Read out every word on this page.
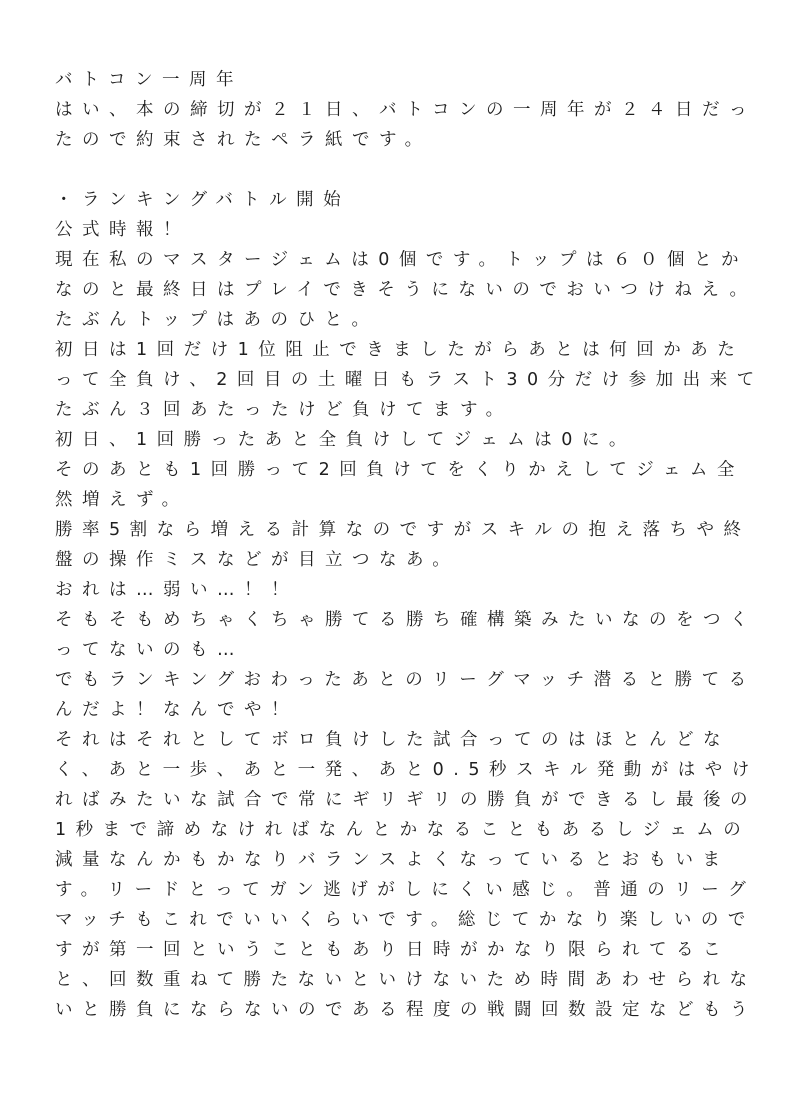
バトコン一周年
はい、本の締切が２１日、バトコンの一周年が２４日だっ
たので約束されたペラ紙です。
・ランキングバトル開始
公式時報！
現在私のマスタージェムは0個です。トップは６０個とか
なのと最終日はプレイできそうにないのでおいつけねえ。
たぶんトップはあのひと。
初日は1回だけ1位阻止できましたがらあとは何回かあた
って全負け、2回目の土曜日もラスト30分だけ参加出来て
たぶん３回あたったけど負けてます。
初日、1回勝ったあと全負けしてジェムは0に。
そのあとも1回勝って2回負けてをくりかえしてジェム全
然増えず。
勝率5割なら増える計算なのですがスキルの抱え落ちや終
盤の操作ミスなどが目立つなあ。
おれは…弱い…！！
そもそもめちゃくちゃ勝てる勝ち確構築みたいなのをつく
ってないのも…
でもランキングおわったあとのリーグマッチ潜ると勝てる
んだよ！なんでや！
それはそれとしてボロ負けした試合ってのはほとんどな
く、あと一歩、あと一発、あと0.5秒スキル発動がはやけ
ればみたいな試合で常にギリギリの勝負ができるし最後の
1秒まで諦めなければなんとかなることもあるしジェムの
減量なんかもかなりバランスよくなっているとおもいま
す。リードとってガン逃げがしにくい感じ。普通のリーグ
マッチもこれでいいくらいです。総じてかなり楽しいので
すが第一回ということもあり日時がかなり限られてるこ
と、回数重ねて勝たないといけないため時間あわせられな
いと勝負にならないのである程度の戦闘回数設定などもう
